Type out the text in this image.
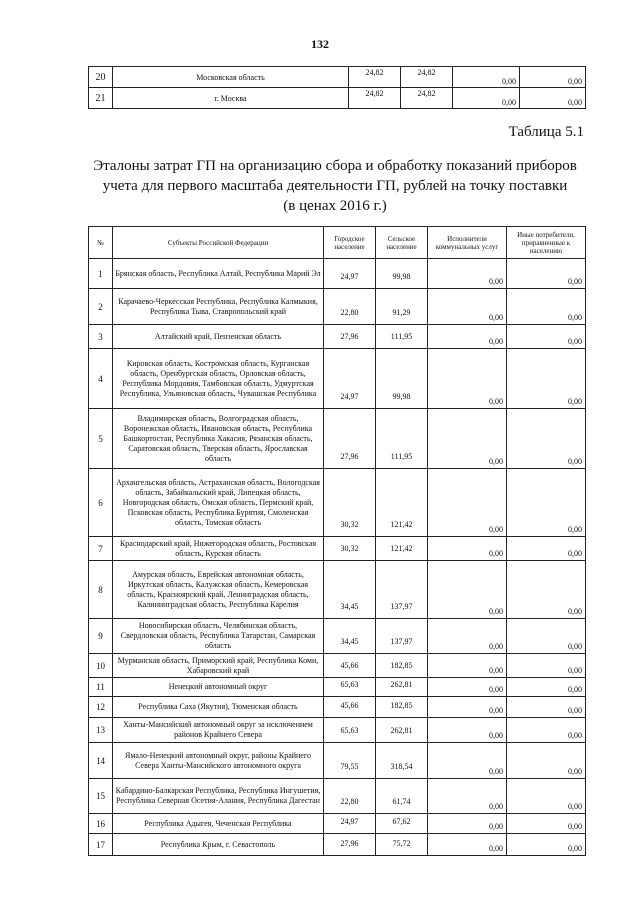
132
20	Московская область	24,82	24,82	0,00	0,00
21	г. Москва	24,82	24,82	0,00	0,00
Таблица 5.1
Эталоны затрат ГП на организацию сбора и обработку показаний приборов
учета для первого масштаба деятельности ГП, рублей на точку поставки
(в ценах 2016 г.)
№	Субъекты Российской Федерации	Городское население	Сельское население	Исполнители коммунальных услуг	Иные потребители, приравненные к населению
1	Брянская область, Республика Алтай, Республика Марий Эл	24,97	99,98	0,00	0,00
2	Карачаево-Черкесская Республика, Республика Калмыкия, Республика Тыва, Ставропольский край	22,80	91,29	0,00	0,00
3	Алтайский край, Пензенская область	27,96	111,95	0,00	0,00
4	Кировская область, Костромская область, Курганская область, Оренбургская область, Орловская область, Республика Мордовия, Тамбовская область, Удмуртская Республика, Ульяновская область, Чувашская Республика	24,97	99,98	0,00	0,00
5	Владимирская область, Волгоградская область, Воронежская область, Ивановская область, Республика Башкортостан, Республика Хакасия, Рязанская область, Саратовская область, Тверская область, Ярославская область	27,96	111,95	0,00	0,00
6	Архангельская область, Астраханская область, Вологодская область, Забайкальский край, Липецкая область, Новгородская область, Омская область, Пермский край, Псковская область, Республика Бурятия, Смоленская область, Томская область	30,32	121,42	0,00	0,00
7	Краснодарский край, Нижегородская область, Ростовская область, Курская область	30,32	121,42	0,00	0,00
8	Амурская область, Еврейская автономная область, Иркутская область, Калужская область, Кемеровская область, Красноярский край, Ленинградская область, Калининградская область, Республика Карелия	34,45	137,97	0,00	0,00
9	Новосибирская область, Челябинская область, Свердловская область, Республика Татарстан, Самарская область	34,45	137,97	0,00	0,00
10	Мурманская область, Приморский край, Республика Коми, Хабаровский край	45,66	182,85	0,00	0,00
11	Ненецкий автономный округ	65,63	262,81	0,00	0,00
12	Республика Саха (Якутия), Тюменская область	45,66	182,85	0,00	0,00
13	Ханты-Мансийский автономный округ за исключением районов Крайнего Севера	65,63	262,81	0,00	0,00
14	Ямало-Ненецкий автономный округ, районы Крайнего Севера Ханты-Мансийского автономного округа	79,55	318,54	0,00	0,00
15	Кабардино-Балкарская Республика, Республика Ингушетия, Республика Северная Осетия-Алания, Республика Дагестан	22,80	61,74	0,00	0,00
16	Республика Адыгея, Чеченская Республика	24,97	67,62	0,00	0,00
17	Республика Крым, г. Севастополь	27,96	75,72	0,00	0,00
